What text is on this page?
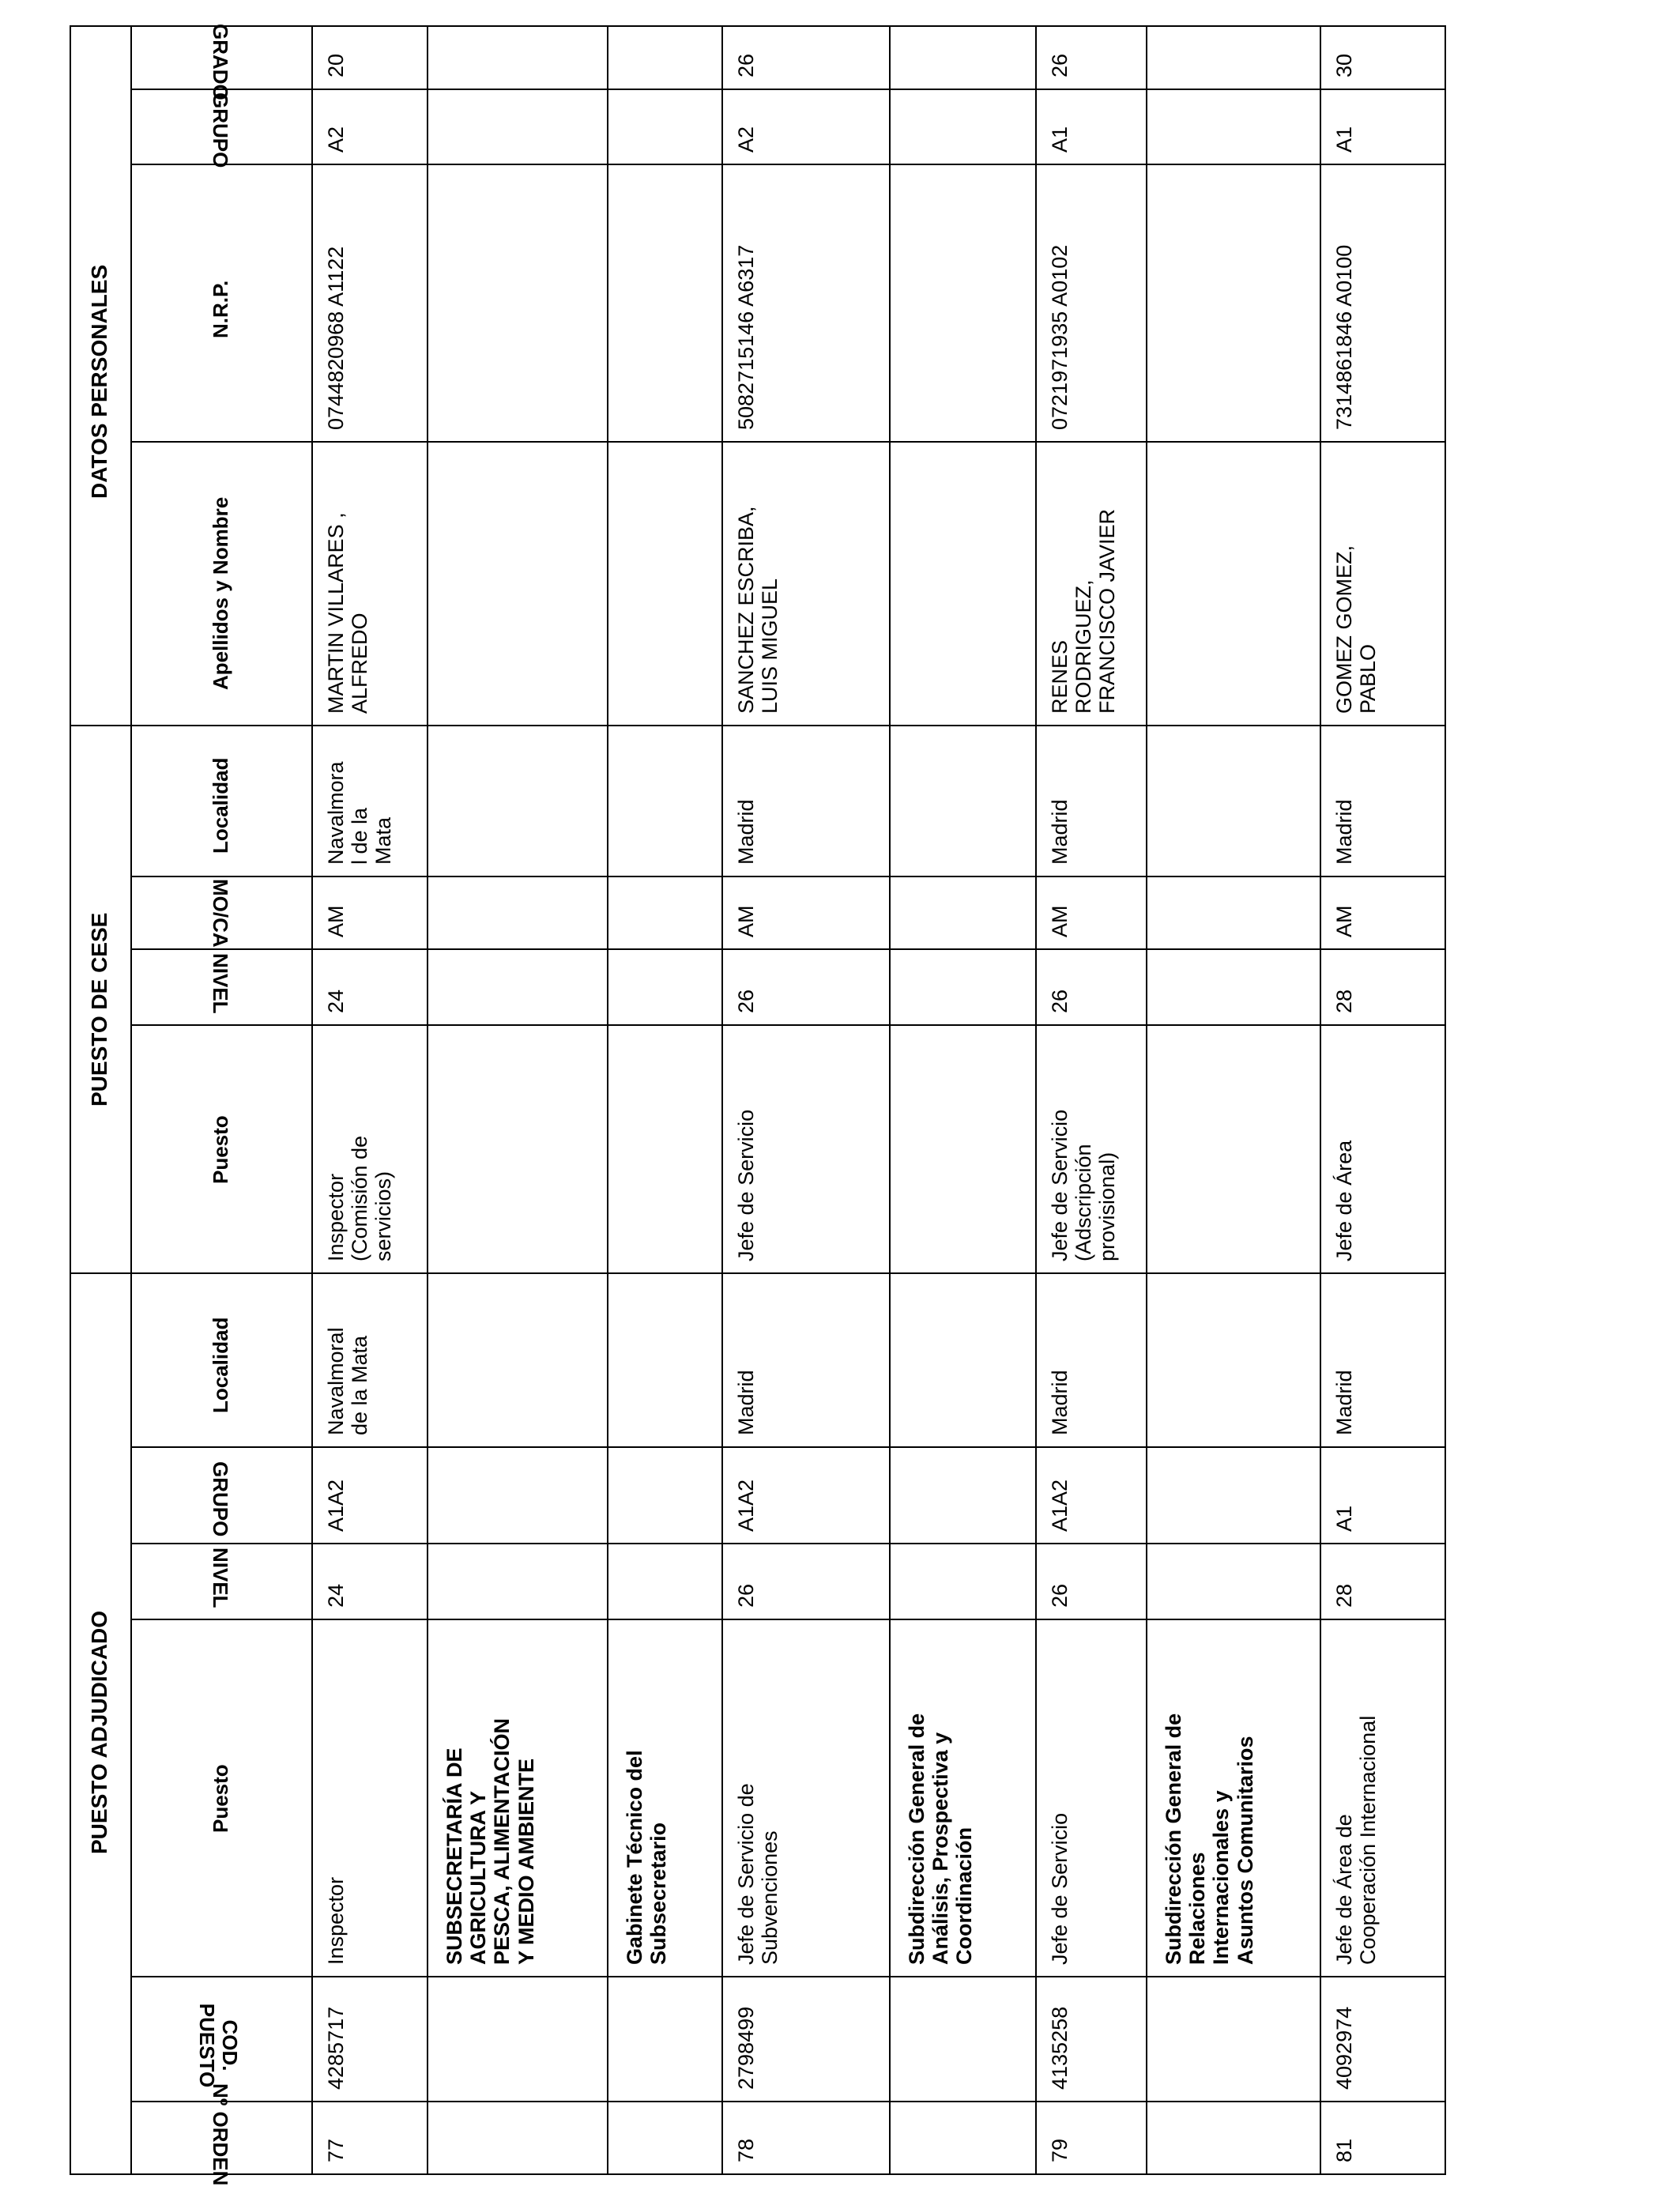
DATOS PERSONALES
PUESTO DE CESE
PUESTO ADJUDICADO
GRADO
GRUPO
N.R.P.
Apellidos y Nombre
Localidad
MO/CA
NIVEL
Puesto
Localidad
GRUPO
NIVEL
Puesto
COD. PUESTO
Nº ORDEN	77
4285717
Inspector
24
A1A2
Navalmoral de la Mata
Inspector (Comisión de servicios)
24
AM
Navalmora l de la Mata
MARTIN VILLARES , ALFREDO
0744820968 A1122
A2
20
SUBSECRETARÍA DE AGRICULTURA Y PESCA, ALIMENTACIÓN Y MEDIO AMBIENTE	Gabinete Técnico del Subsecretario
78
2798499
Jefe de Servicio de Subvenciones
26
A1A2
Madrid
Jefe de Servicio
26
AM
Madrid
SANCHEZ ESCRIBA, LUIS MIGUEL
5082715146 A6317
A2
26
Subdirección General de Análisis, Prospectiva y Coordinación
79
4135258
Jefe de Servicio
26
A1A2
Madrid
Jefe de Servicio (Adscripción provisional)
26
AM
Madrid
RENES RODRIGUEZ, FRANCISCO JAVIER
0721971935 A0102
A1
26
Subdirección General de Relaciones Internacionales y Asuntos Comunitarios
81
4092974
Jefe de Área de Cooperación Internacional
28
A1
Madrid
Jefe de Área
28
AM
Madrid
GOMEZ GOMEZ, PABLO
7314861846 A0100
A1
30
